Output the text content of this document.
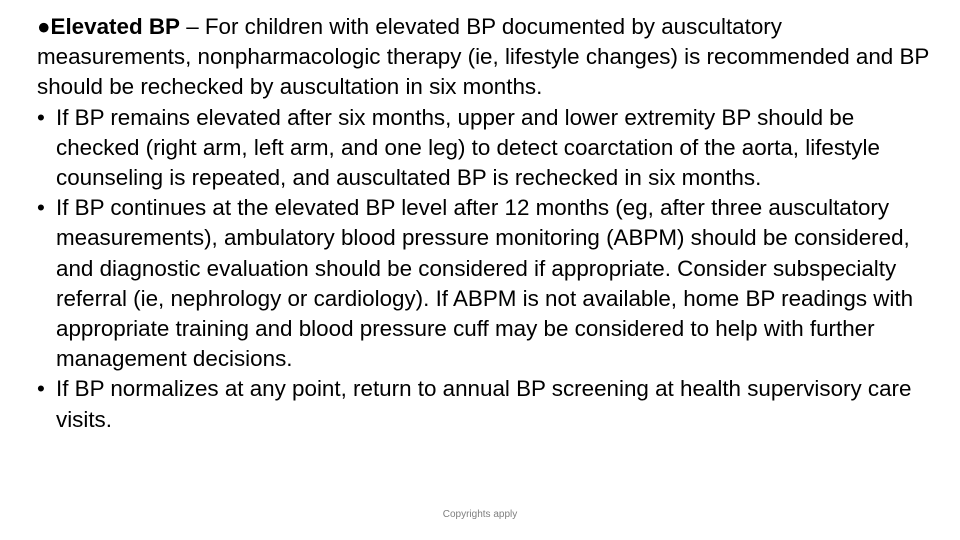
●Elevated BP – For children with elevated BP documented by auscultatory measurements, nonpharmacologic therapy (ie, lifestyle changes) is recommended and BP should be rechecked by auscultation in six months.

• If BP remains elevated after six months, upper and lower extremity BP should be checked (right arm, left arm, and one leg) to detect coarctation of the aorta, lifestyle counseling is repeated, and auscultated BP is rechecked in six months.
• If BP continues at the elevated BP level after 12 months (eg, after three auscultatory measurements), ambulatory blood pressure monitoring (ABPM) should be considered, and diagnostic evaluation should be considered if appropriate. Consider subspecialty referral (ie, nephrology or cardiology). If ABPM is not available, home BP readings with appropriate training and blood pressure cuff may be considered to help with further management decisions.
• If BP normalizes at any point, return to annual BP screening at health supervisory care visits.
Copyrights apply
